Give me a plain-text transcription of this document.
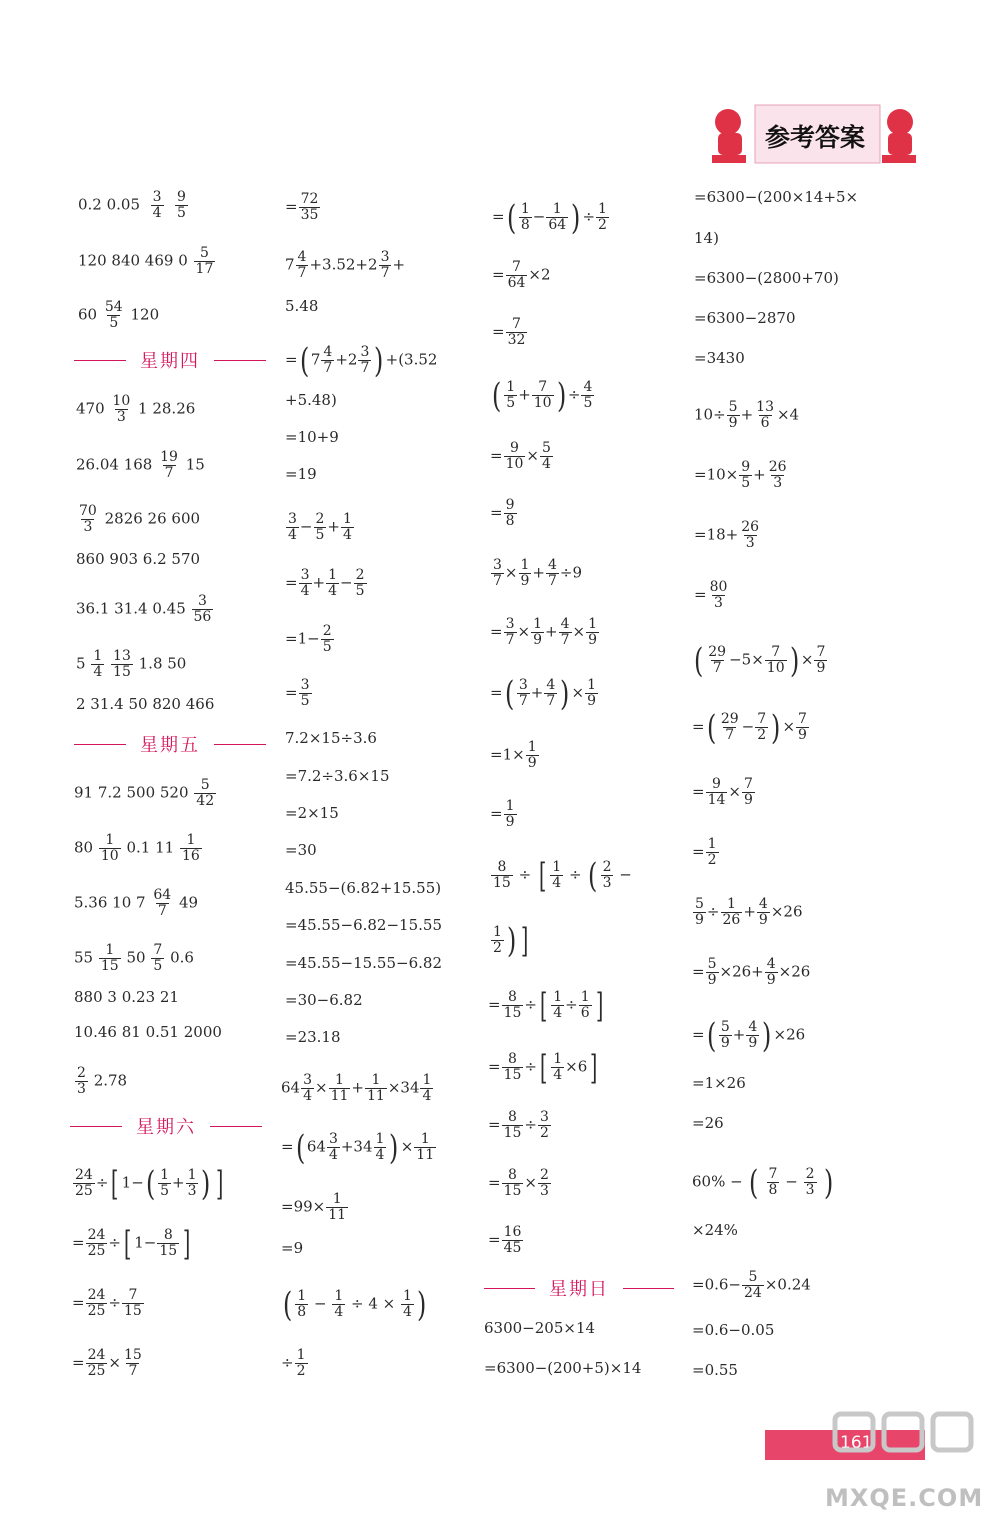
参考答案
0.2 $0.05 \frac{3}{4}$
$\frac{9}{5}$
120 840 469 $0 \frac{5}{17}$
$60 \frac{54}{5} 120$
星期四
$470 \frac{10}{3} 1$ 28.26
26.04 $168 \frac{19}{7} 15$
$\frac{70}{3} 2826$ 26 600
860 903 6.2 570
36.1 31.4 $0.45 \frac{3}{56}$
$5 \frac{1}{4}$
$\frac{13}{15} 1.8$ 50
2 31.4 50 820 466
星期五
91 7.2 500 $520 \frac{5}{42}$
$80 \frac{1}{10} 0.1$ $11 \frac{1}{16}$
5.36 10 $7 \frac{64}{7} 49$
$55 \frac{1}{15} 50 \frac{7}{5} 0.6$
880 3 0.23 21
10.46 81 0.51 2000
$\frac{2}{3} 2.78$
星期六
$\frac{24}{25}$ ÷[ $1-( \frac{1}{5} + \frac{1}{3}$ ) ]
= $\frac{24}{25}$ ÷[ $1- \frac{8}{15}$ ]
= $\frac{24}{25} \div \frac{7}{15}$
= $\frac{24}{25} \times \frac{15}{7}$
= $\frac{72}{35}$
$7 \frac{4}{7} +3.52+2 \frac{3}{7}$ +
5.48
=( $7 \frac{4}{7} +2 \frac{3}{7}$ ) +(3.52
+5.48)
=10+9
=19
$\frac{3}{4} - \frac{2}{5} + \frac{1}{4}$
= $\frac{3}{4} + \frac{1}{4} - \frac{2}{5}$
$=1- \frac{2}{5}$
= $\frac{3}{5}$
7.2×15÷3.6
=7.2÷3.6×15
=2×15
=30
45.55−(6.82+15.55)
=45.55−6.82−15.55
=45.55−15.55−6.82
=30−6.82
=23.18
$64 \frac{3}{4} \times \frac{1}{11} + \frac{1}{11} \times 34 \frac{1}{4}$
=( $64 \frac{3}{4} +34 \frac{1}{4}$ ) × $\frac{1}{11}$
$=99\times \frac{1}{11}$
=9
( $\frac{1}{8} - \frac{1}{4} \div 4 \times \frac{1}{4}$ )
÷ $\frac{1}{2}$
=( $\frac{1}{8} - \frac{1}{64}$ ) ÷ $\frac{1}{2}$
= $\frac{7}{64} \times 2$
= $\frac{7}{32}$
( $\frac{1}{5} + \frac{7}{10}$ ) ÷ $\frac{4}{5}$
= $\frac{9}{10} \times \frac{5}{4}$
= $\frac{9}{8}$
$\frac{3}{7} \times \frac{1}{9} + \frac{4}{7} \div 9$
= $\frac{3}{7} \times \frac{1}{9} + \frac{4}{7} \times \frac{1}{9}$
=( $\frac{3}{7} + \frac{4}{7}$ ) × $\frac{1}{9}$
$=1\times \frac{1}{9}$
= $\frac{1}{9}$
$\frac{8}{15}$ ÷ [ $\frac{1}{4}$ ÷ ( $\frac{2}{3}$ −
$\frac{1}{2}$ ) ]
= $\frac{8}{15}$ ÷[ $\frac{1}{4} \div \frac{1}{6}$ ]
= $\frac{8}{15}$ ÷[ $\frac{1}{4} \times 6$]
= $\frac{8}{15} \div \frac{3}{2}$
= $\frac{8}{15} \times \frac{2}{3}$
= $\frac{16}{45}$
星期日
6300−205×14
=6300−(200+5)×14
=6300−(200×14+5×
14)
=6300−(2800+70)
=6300−2870
=3430
$10\div \frac{5}{9} + \frac{13}{6} \times 4$
$=10\times \frac{9}{5} + \frac{26}{3}$
$=18+ \frac{26}{3}$
= $\frac{80}{3}$
( $\frac{29}{7} -5\times \frac{7}{10}$ ) × $\frac{7}{9}$
=( $\frac{29}{7} - \frac{7}{2}$ ) × $\frac{7}{9}$
= $\frac{9}{14} \times \frac{7}{9}$
= $\frac{1}{2}$
$\frac{5}{9} \div \frac{1}{26} + \frac{4}{9} \times 26$
= $\frac{5}{9} \times 26+ \frac{4}{9} \times 26$
=( $\frac{5}{9} + \frac{4}{9}$ ) ×26
=1×26
=26
60% − ( $\frac{7}{8} - \frac{2}{3}$ )
×24%
$=0.6- \frac{5}{24} \times 0.24$
=0.6−0.05
=0.55
161
MXQE.COM
